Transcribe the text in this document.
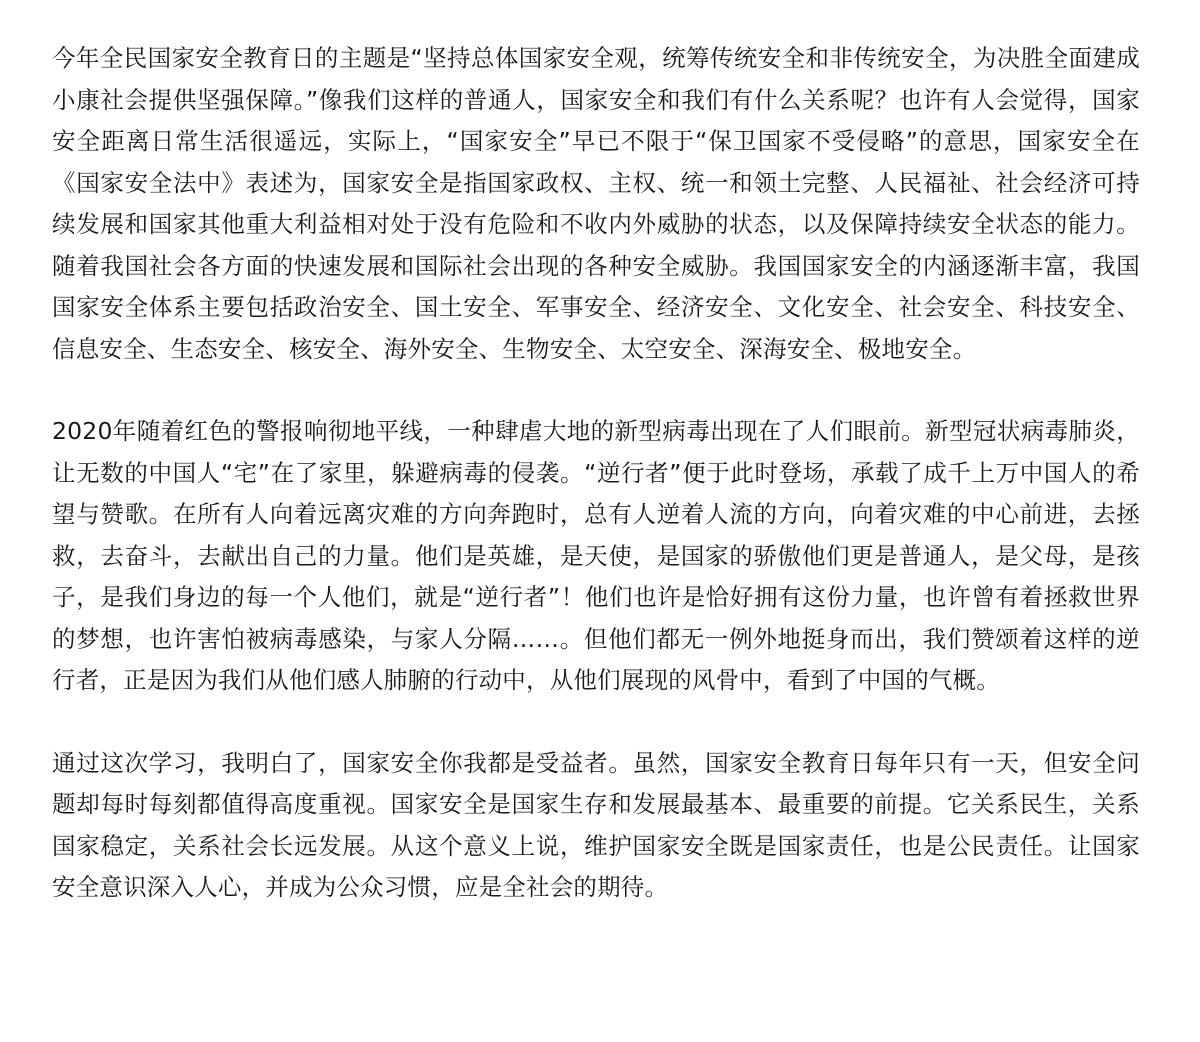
今年全民国家安全教育日的主题是“坚持总体国家安全观，统筹传统安全和非传统安全，为决胜全面建成小康社会提供坚强保障。”像我们这样的普通人，国家安全和我们有什么关系呢？也许有人会觉得，国家安全距离日常生活很遥远，实际上，“国家安全”早已不限于“保卫国家不受侵略”的意思，国家安全在《国家安全法中》表述为，国家安全是指国家政权、主权、统一和领土完整、人民福祉、社会经济可持续发展和国家其他重大利益相对处于没有危险和不收内外威胁的状态，以及保障持续安全状态的能力。随着我国社会各方面的快速发展和国际社会出现的各种安全威胁。我国国家安全的内涵逐渐丰富，我国国家安全体系主要包括政治安全、国土安全、军事安全、经济安全、文化安全、社会安全、科技安全、信息安全、生态安全、核安全、海外安全、生物安全、太空安全、深海安全、极地安全。

2020年随着红色的警报响彻地平线，一种肆虐大地的新型病毒出现在了人们眼前。新型冠状病毒肺炎，让无数的中国人“宅”在了家里，躲避病毒的侵袭。“逆行者”便于此时登场，承载了成千上万中国人的希望与赞歌。在所有人向着远离灾难的方向奔跑时，总有人逆着人流的方向，向着灾难的中心前进，去拯救，去奋斗，去献出自己的力量。他们是英雄，是天使，是国家的骄傲他们更是普通人，是父母，是孩子，是我们身边的每一个人他们，就是“逆行者”！他们也许是恰好拥有这份力量，也许曾有着拯救世界的梦想，也许害怕被病毒感染，与家人分隔……。但他们都无一例外地挺身而出，我们赞颂着这样的逆行者，正是因为我们从他们感人肺腑的行动中，从他们展现的风骨中，看到了中国的气概。

通过这次学习，我明白了，国家安全你我都是受益者。虽然，国家安全教育日每年只有一天，但安全问题却每时每刻都值得高度重视。国家安全是国家生存和发展最基本、最重要的前提。它关系民生，关系国家稳定，关系社会长远发展。从这个意义上说，维护国家安全既是国家责任，也是公民责任。让国家安全意识深入人心，并成为公众习惯，应是全社会的期待。
